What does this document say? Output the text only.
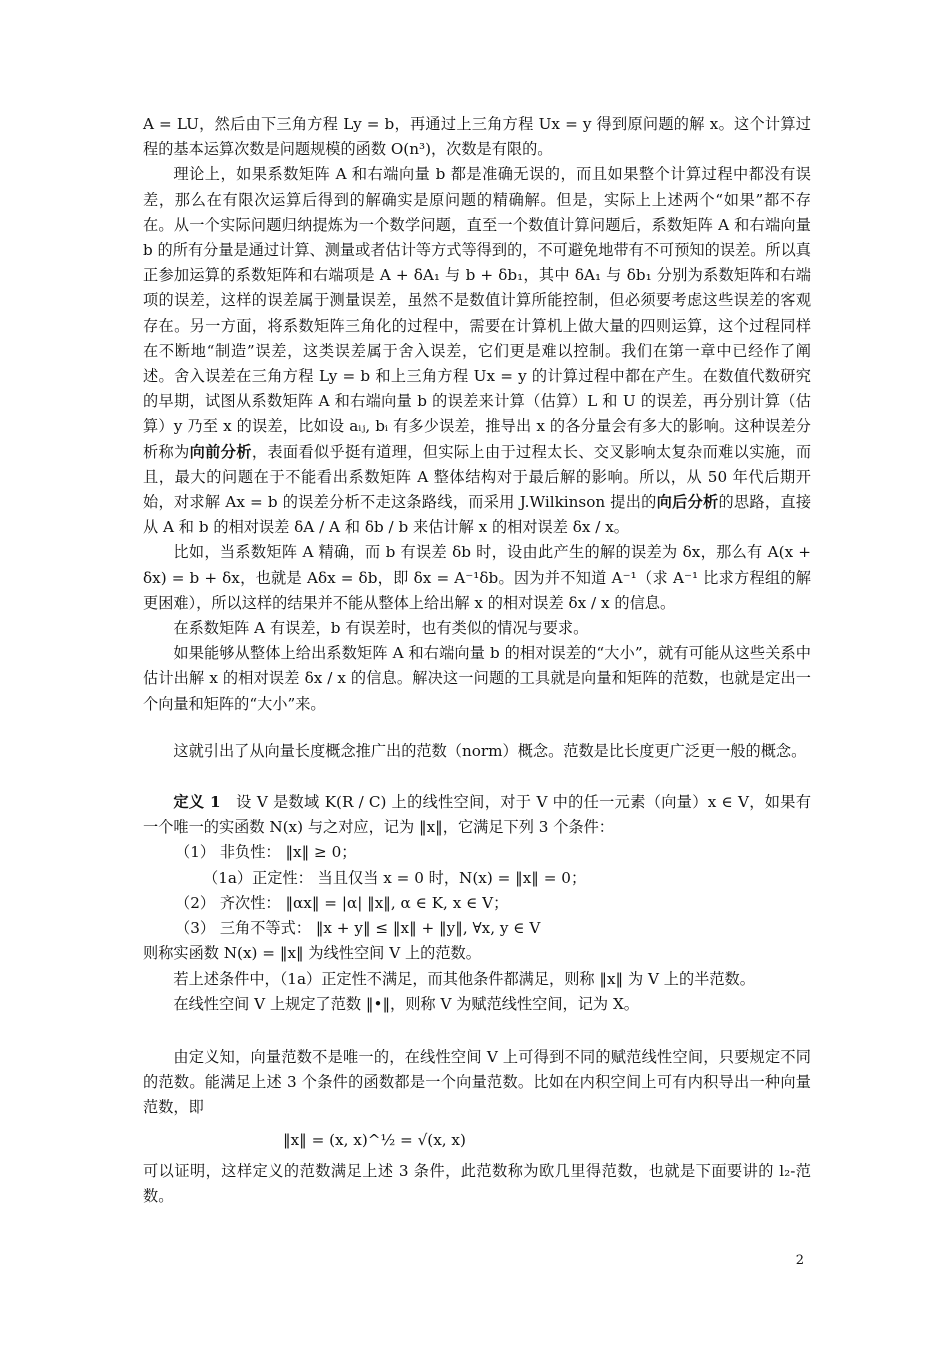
A = LU，然后由下三角方程 Ly = b，再通过上三角方程 Ux = y 得到原问题的解 x。这个计算过程的基本运算次数是问题规模的函数 O(n³)，次数是有限的。

理论上，如果系数矩阵 A 和右端向量 b 都是准确无误的，而且如果整个计算过程中都没有误差，那么在有限次运算后得到的解确实是原问题的精确解。但是，实际上上述两个“如果”都不存在。从一个实际问题归纳提炼为一个数学问题，直至一个数值计算问题后，系数矩阵 A 和右端向量 b 的所有分量是通过计算、测量或者估计等方式等得到的，不可避免地带有不可预知的误差。所以真正参加运算的系数矩阵和右端项是 A + δA₁ 与 b + δb₁，其中 δA₁ 与 δb₁ 分别为系数矩阵和右端项的误差，这样的误差属于测量误差，虽然不是数值计算所能控制，但必须要考虑这些误差的客观存在。另一方面，将系数矩阵三角化的过程中，需要在计算机上做大量的四则运算，这个过程同样在不断地“制造”误差，这类误差属于舍入误差，它们更是难以控制。我们在第一章中已经作了阐述。舍入误差在三角方程 Ly = b 和上三角方程 Ux = y 的计算过程中都在产生。在数值代数研究的早期，试图从系数矩阵 A 和右端向量 b 的误差来计算（估算）L 和 U 的误差，再分别计算（估算）y 乃至 x 的误差，比如设 aᵢⱼ, bᵢ 有多少误差，推导出 x 的各分量会有多大的影响。这种误差分析称为向前分析，表面看似乎挺有道理，但实际上由于过程太长、交叉影响太复杂而难以实施，而且，最大的问题在于不能看出系数矩阵 A 整体结构对于最后解的影响。所以，从 50 年代后期开始，对求解 Ax = b 的误差分析不走这条路线，而采用 J.Wilkinson 提出的向后分析的思路，直接从 A 和 b 的相对误差 δA / A 和 δb / b 来估计解 x 的相对误差 δx / x。

比如，当系数矩阵 A 精确，而 b 有误差 δb 时，设由此产生的解的误差为 δx，那么有 A(x + δx) = b + δx，也就是 Aδx = δb，即 δx = A⁻¹δb。因为并不知道 A⁻¹（求 A⁻¹ 比求方程组的解更困难），所以这样的结果并不能从整体上给出解 x 的相对误差 δx / x 的信息。

在系数矩阵 A 有误差，b 有误差时，也有类似的情况与要求。

如果能够从整体上给出系数矩阵 A 和右端向量 b 的相对误差的“大小”，就有可能从这些关系中估计出解 x 的相对误差 δx / x 的信息。解决这一问题的工具就是向量和矩阵的范数，也就是定出一个向量和矩阵的“大小”来。

这就引出了从向量长度概念推广出的范数（norm）概念。范数是比长度更广泛更一般的概念。

定义 1 设 V 是数域 K(R / C) 上的线性空间，对于 V 中的任一元素（向量）x ∈ V，如果有一个唯一的实函数 N(x) 与之对应，记为 ‖x‖，它满足下列 3 个条件：

（1） 非负性： ‖x‖ ≥ 0；

（1a）正定性： 当且仅当 x = 0 时，N(x) = ‖x‖ = 0；

（2） 齐次性： ‖αx‖ = |α| ‖x‖, α ∈ K, x ∈ V；

（3） 三角不等式： ‖x + y‖ ≤ ‖x‖ + ‖y‖, ∀x, y ∈ V

则称实函数 N(x) = ‖x‖ 为线性空间 V 上的范数。

若上述条件中，（1a）正定性不满足，而其他条件都满足，则称 ‖x‖ 为 V 上的半范数。

在线性空间 V 上规定了范数 ‖•‖，则称 V 为赋范线性空间，记为 X。

由定义知，向量范数不是唯一的，在线性空间 V 上可得到不同的赋范线性空间，只要规定不同的范数。能满足上述 3 个条件的函数都是一个向量范数。比如在内积空间上可有内积导出一种向量范数，即

‖x‖ = (x, x)^½ = √(x, x)

可以证明，这样定义的范数满足上述 3 条件，此范数称为欧几里得范数，也就是下面要讲的 l₂-范数。

2
